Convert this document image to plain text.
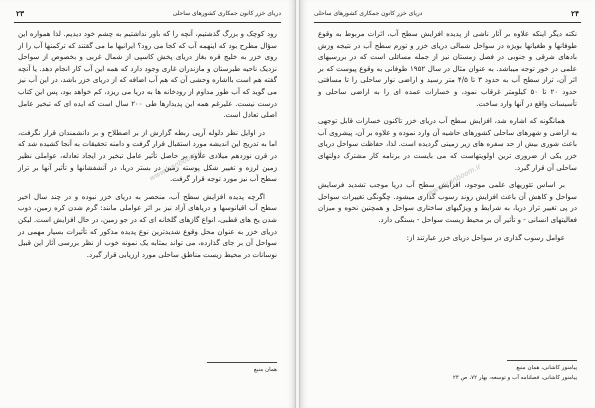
۲۳	دریای خزر کانون جمکاری کشورهای ساحلی

رود کوچک و بزرگ گذشتیم، آنچه را که باور نداشتیم به چشم خود دیدیم. لذا همواره این سؤال مطرح بود که اینهمه آب که کجا می رود؟ ایرانیها ما می گفتند که ترکمنها آب را از روی خزر به خلیج قره بغاز دریای پخش کاسپی از شمال غربی و بخصوص از سواحل نزدیک ناحیه طبرستان و مازندران غاری وجود دارد که همه این آب کار انجام دهد. یا آنچه گفته هم است بااشاره وحشی آن که هم آب اضافه که از دریای خزر باشد، در این آب نیز می گوید که آب طور مداوم از رودخانه ها به دریا می ریزد، کم خواهد بود، پس این کتاب درست نیست. علیرغم همه این پدیدارها طی ۲۰۰ سال است که ایده ای که تبخیر عامل اصلی تعادل است.

در اوایل نظر دلوله آرپی ربطه گزارش از بر اصطلاح و بر دانشمندان قرار نگرفت، اما به تدریج این اندیشه مورد استقبال قرار گرفت و دامنه تحقیقات به آنجا کشیده شد که در قرن نوزدهم میلادی علاوه بر حاصل تأثیر عامل تبخیر در ایجاد تعادله، عواملی نظیر زمین لرزه و تغییر شکل پوسته زمین در بستر دریا، در آتشفشانها و تأثیر آنها بر تراز سطح آب نیز مورد توجه قرار گرفت.

اگرچه پدیده افزایش سطح آب، منحصر به دریای خزر نبوده و در چند سال اخیر سطح آب اقیانوسها و دریاهای آزاد نیز بر اثر عواملی مانند: گرم شدن کره زمین، ذوب شدن یخ های قطبی، انواع گازهای گلخانه ای که در جو زمین، در حال افزایش است. لیکن دریای خزر به عنوان محل وقوع شدیدترین نوع پدیده مذکور که تأثیرات بسیار مهمی در سواحل آن بر جای گذارده، می تواند بمثابه یک نمونه خوب از نظر بررسی آثار این قبیل نوسانات در محیط زیست مناطق ساحلی مورد ارزیابی قرار گیرد.

www.iranboom.ir
همان منبع
۲۴
دریای خزر کانون جمکاری کشورهای ساحلی

نکته دیگر اینکه علاوه بر آثار ناشی از پدیده افزایش سطح آب، اثرات مربوط به وقوع طوفانها و طغیانها بویژه در سواحل شمالی دریای خزر و تورم سطح آب در نتیجه وزش بادهای شرقی و جنوبی در فصل زمستان نیز از جمله مسائلی است که در بررسیهای علمی در خور توجه میباشد. به عنوان مثال در سال ۱۹۵۲ طوفانی به وقوع پیوست که بر اثر آن، تراز سطح آب به حدود ۳ تا ۴/۵ متر رسید و اراضی نوار ساحلی را تا مسافتی حدود ۲۰ تا ۵۰ کیلومتر غرقاب نمود، و خسارات عمده ای را به اراضی ساحلی و تأسیسات واقع در آنها وارد ساخت.

همانگونه که اشاره شد، افزایش سطح آب دریای خزر تاکنون خسارات قابل توجهی به اراضی و شهرهای ساحلی کشورهای حاشیه آن وارد نموده و علاوه بر آن، پیشروی آب باعث شوری بیش از حد سفره های زیر زمینی گردیده است. لذا، حفاظت سواحل دریای خزر یکی از ضروری ترین اولویتهاست که می بایست در برنامه کار مشترک دولتهای ساحلی آن قرار گیرد.

بر اساس تئوریهای علمی موجود، افزایش سطح آب دریا موجب تشدید فرسایش سواحل و کاهش آن باعث افزایش روند رسوب گذاری میشود. چگونگی تغییرات سواحل در پی تغییر تراز دریا، به شرایط و ویژگیهای ساختاری سواحل و همچنین نحوه و میزان فعالیتهای انسانی - و تأثیر آن بر محیط زیست سواحل - بستگی دارد.

عوامل رسوب گذاری در سواحل دریای خزر عبارتند از:

www.iranboom.ir
پیامنور کاشانی، همان منبع
پیامنور کاشانی، فصلنامه آب و توسعه، بهار ۷۲، ص ۲۴
